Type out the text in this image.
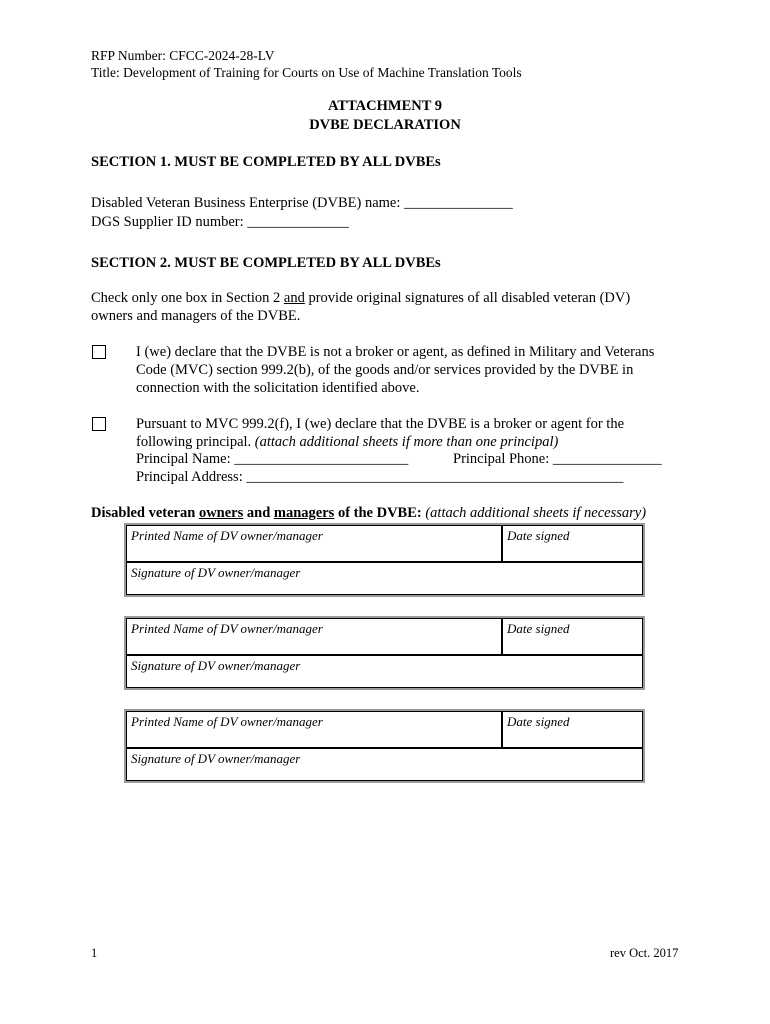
RFP Number: CFCC-2024-28-LV
Title: Development of Training for Courts on Use of Machine Translation Tools
ATTACHMENT 9
DVBE DECLARATION
SECTION 1. MUST BE COMPLETED BY ALL DVBEs
Disabled Veteran Business Enterprise (DVBE) name: _______________
DGS Supplier ID number: ______________
SECTION 2. MUST BE COMPLETED BY ALL DVBEs
Check only one box in Section 2 and provide original signatures of all disabled veteran (DV)
owners and managers of the DVBE.
I (we) declare that the DVBE is not a broker or agent, as defined in Military and Veterans
Code (MVC) section 999.2(b), of the goods and/or services provided by the DVBE in
connection with the solicitation identified above.
Pursuant to MVC 999.2(f), I (we) declare that the DVBE is a broker or agent for the
following principal. (attach additional sheets if more than one principal)
Principal Name: ________________________	Principal Phone: _______________
Principal Address: ____________________________________________________
Disabled veteran owners and managers of the DVBE: (attach additional sheets if necessary)
Printed Name of DV owner/manager	Date signed
Signature of DV owner/manager
Printed Name of DV owner/manager	Date signed
Signature of DV owner/manager
Printed Name of DV owner/manager	Date signed
Signature of DV owner/manager
1	rev Oct. 2017
